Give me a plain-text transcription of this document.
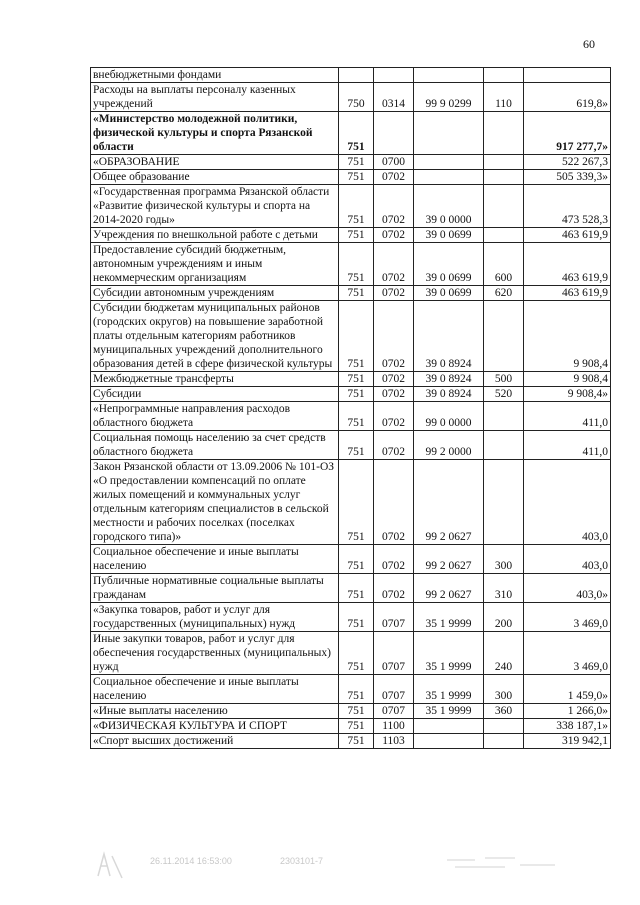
60
внебюджетными фондами					
Расходы на выплаты персоналу казенных учреждений	750	0314	99 9 0299	110	619,8»
«Министерство молодежной политики, физической культуры и спорта Рязанской области	751				917 277,7»
«ОБРАЗОВАНИЕ	751	0700			522 267,3
Общее образование	751	0702			505 339,3»
«Государственная программа Рязанской области «Развитие физической культуры и спорта на 2014-2020 годы»	751	0702	39 0 0000		473 528,3
Учреждения по внешкольной работе с детьми	751	0702	39 0 0699		463 619,9
Предоставление субсидий бюджетным, автономным учреждениям и иным некоммерческим организациям	751	0702	39 0 0699	600	463 619,9
Субсидии автономным учреждениям	751	0702	39 0 0699	620	463 619,9
Субсидии бюджетам муниципальных районов (городских округов) на повышение заработной платы отдельным категориям работников муниципальных учреждений дополнительного образования детей в сфере физической культуры	751	0702	39 0 8924		9 908,4
Межбюджетные трансферты	751	0702	39 0 8924	500	9 908,4
Субсидии	751	0702	39 0 8924	520	9 908,4»
«Непрограммные направления расходов областного бюджета	751	0702	99 0 0000		411,0
Социальная помощь населению за счет средств областного бюджета	751	0702	99 2 0000		411,0
Закон Рязанской области от 13.09.2006 № 101-ОЗ «О предоставлении компенсаций по оплате жилых помещений и коммунальных услуг отдельным категориям специалистов в сельской местности и рабочих поселках (поселках городского типа)»	751	0702	99 2 0627		403,0
Социальное обеспечение и иные выплаты населению	751	0702	99 2 0627	300	403,0
Публичные нормативные социальные выплаты гражданам	751	0702	99 2 0627	310	403,0»
«Закупка товаров, работ и услуг для государственных (муниципальных) нужд	751	0707	35 1 9999	200	3 469,0
Иные закупки товаров, работ и услуг для обеспечения государственных (муниципальных) нужд	751	0707	35 1 9999	240	3 469,0
Социальное обеспечение и иные выплаты населению	751	0707	35 1 9999	300	1 459,0»
«Иные выплаты населению	751	0707	35 1 9999	360	1 266,0»
«ФИЗИЧЕСКАЯ КУЛЬТУРА И СПОРТ	751	1100			338 187,1»
«Спорт высших достижений	751	1103			319 942,1
26.11.2014 16:53:00	2303101-7
